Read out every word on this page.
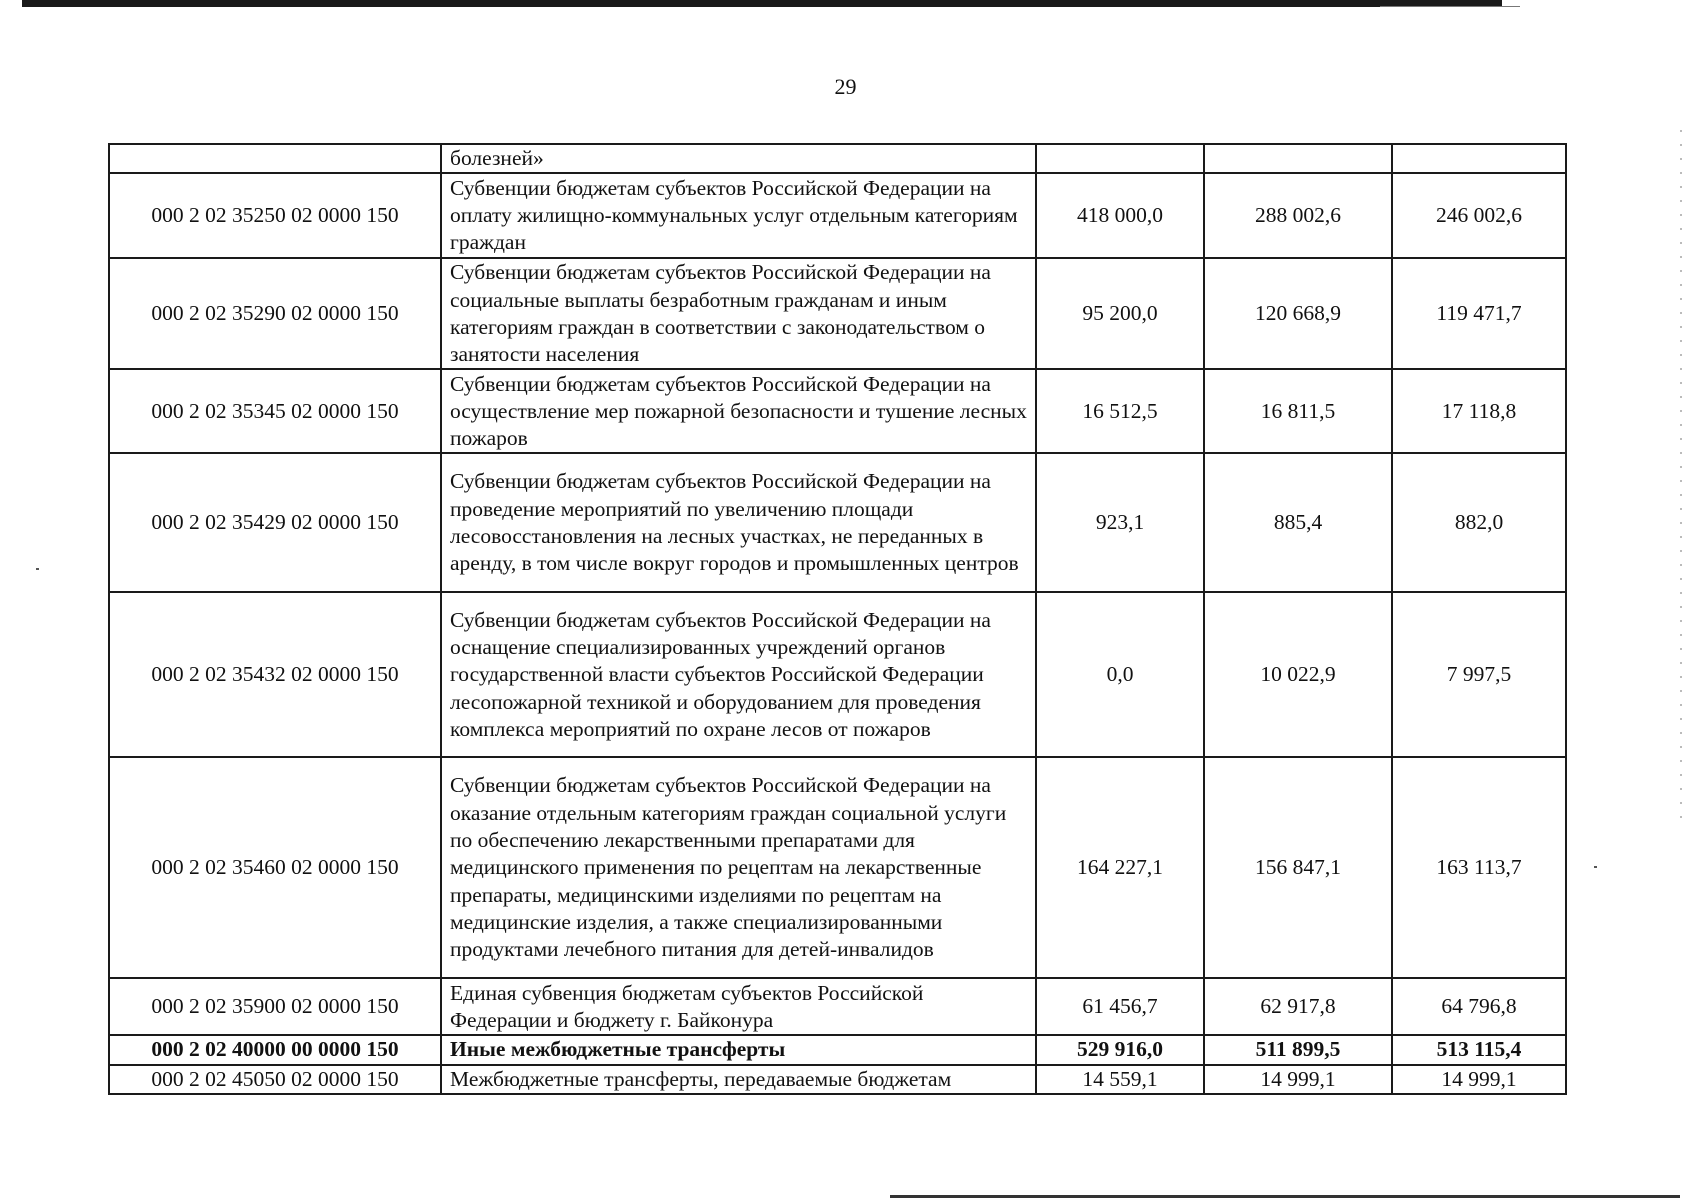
29
	болезней»			
000 2 02 35250 02 0000 150	Субвенции бюджетам субъектов Российской Федерации на оплату жилищно-коммунальных услуг отдельным категориям граждан	418 000,0	288 002,6	246 002,6
000 2 02 35290 02 0000 150	Субвенции бюджетам субъектов Российской Федерации на социальные выплаты безработным гражданам и иным категориям граждан в соответствии с законодательством о занятости населения	95 200,0	120 668,9	119 471,7
000 2 02 35345 02 0000 150	Субвенции бюджетам субъектов Российской Федерации на осуществление мер пожарной безопасности и тушение лесных пожаров	16 512,5	16 811,5	17 118,8
000 2 02 35429 02 0000 150	Субвенции бюджетам субъектов Российской Федерации на проведение мероприятий по увеличению площади лесовосстановления на лесных участках, не переданных в аренду, в том числе вокруг городов и промышленных центров	923,1	885,4	882,0
000 2 02 35432 02 0000 150	Субвенции бюджетам субъектов Российской Федерации на оснащение специализированных учреждений органов государственной власти субъектов Российской Федерации лесопожарной техникой и оборудованием для проведения комплекса мероприятий по охране лесов от пожаров	0,0	10 022,9	7 997,5
000 2 02 35460 02 0000 150	Субвенции бюджетам субъектов Российской Федерации на оказание отдельным категориям граждан социальной услуги по обеспечению лекарственными препаратами для медицинского применения по рецептам на лекарственные препараты, медицинскими изделиями по рецептам на медицинские изделия, а также специализированными продуктами лечебного питания для детей-инвалидов	164 227,1	156 847,1	163 113,7
000 2 02 35900 02 0000 150	Единая субвенция бюджетам субъектов Российской Федерации и бюджету г. Байконура	61 456,7	62 917,8	64 796,8
000 2 02 40000 00 0000 150	Иные межбюджетные трансферты	529 916,0	511 899,5	513 115,4
000 2 02 45050 02 0000 150	Межбюджетные трансферты, передаваемые бюджетам	14 559,1	14 999,1	14 999,1
